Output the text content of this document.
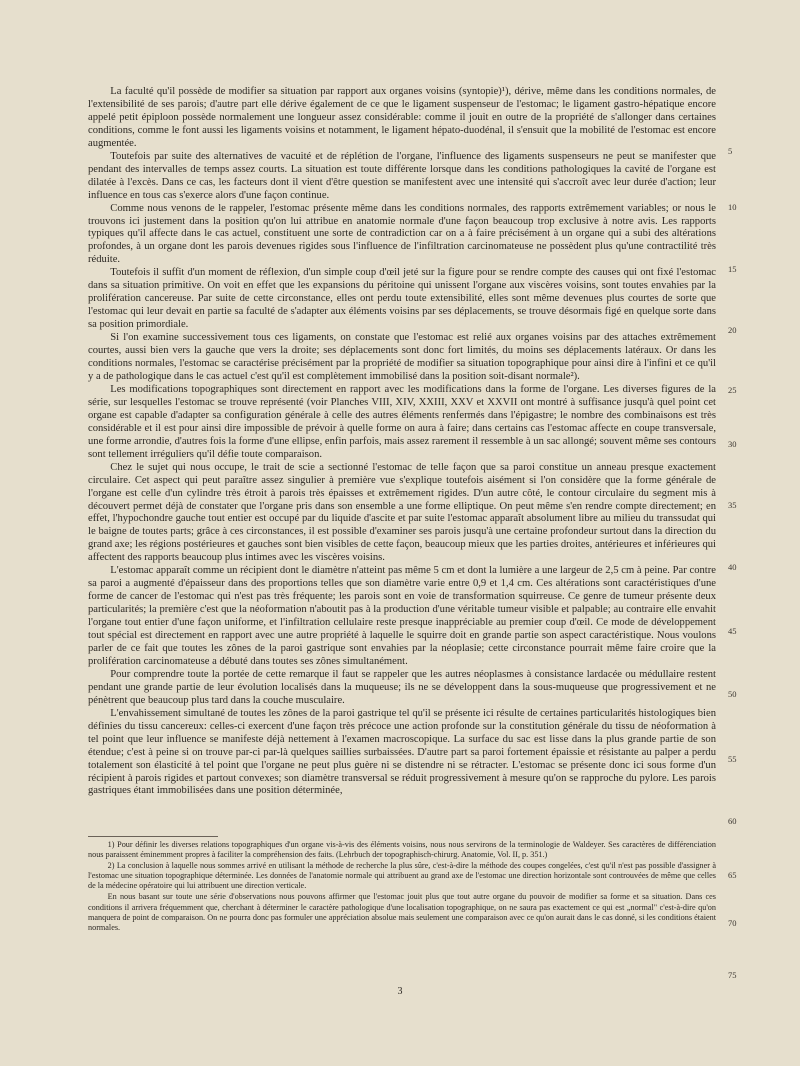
La faculté qu'il possède de modifier sa situation par rapport aux organes voisins (syntopie)¹), dérive, même dans les conditions normales, de l'extensibilité de ses parois; d'autre part elle dérive également de ce que le ligament suspenseur de l'estomac; le ligament gastro-hépatique encore appelé petit épiploon possède normalement une longueur assez considérable: comme il jouit en outre de la propriété de s'allonger dans certaines conditions, comme le font aussi les ligaments voisins et notamment, le ligament hépato-duodénal, il s'ensuit que la mobilité de l'estomac est encore augmentée.

Toutefois par suite des alternatives de vacuité et de réplétion de l'organe, l'influence des ligaments suspenseurs ne peut se manifester que pendant des intervalles de temps assez courts. La situation est toute différente lorsque dans les conditions pathologiques la cavité de l'organe est dilatée à l'excès. Dans ce cas, les facteurs dont il vient d'être question se manifestent avec une intensité qui s'accroît avec leur durée d'action; leur influence en tous cas s'exerce alors d'une façon continue.

Comme nous venons de le rappeler, l'estomac présente même dans les conditions normales, des rapports extrêmement variables; or nous le trouvons ici justement dans la position qu'on lui attribue en anatomie normale d'une façon beaucoup trop exclusive à notre avis. Les rapports typiques qu'il affecte dans le cas actuel, constituent une sorte de contradiction car on a à faire précisément à un organe qui a subi des altérations profondes, à un organe dont les parois devenues rigides sous l'influence de l'infiltration carcinomateuse ne possèdent plus qu'une contractilité très réduite.

Toutefois il suffit d'un moment de réflexion, d'un simple coup d'œil jeté sur la figure pour se rendre compte des causes qui ont fixé l'estomac dans sa situation primitive. On voit en effet que les expansions du péritoine qui unissent l'organe aux viscères voisins, sont toutes envahies par la prolifération cancereuse. Par suite de cette circonstance, elles ont perdu toute extensibilité, elles sont même devenues plus courtes de sorte que l'estomac qui leur devait en partie sa faculté de s'adapter aux éléments voisins par ses déplacements, se trouve désormais figé en quelque sorte dans sa position primordiale.

Si l'on examine successivement tous ces ligaments, on constate que l'estomac est relié aux organes voisins par des attaches extrêmement courtes, aussi bien vers la gauche que vers la droite; ses déplacements sont donc fort limités, du moins ses déplacements latéraux. Or dans les conditions normales, l'estomac se caractérise précisément par la propriété de modifier sa situation topographique pour ainsi dire à l'infini et ce qu'il y a de pathologique dans le cas actuel c'est qu'il est complètement immobilisé dans la position soit-disant normale²).

Les modifications topographiques sont directement en rapport avec les modifications dans la forme de l'organe. Les diverses figures de la série, sur lesquelles l'estomac se trouve représenté (voir Planches VIII, XIV, XXIII, XXV et XXVII ont montré à suffisance jusqu'à quel point cet organe est capable d'adapter sa configuration générale à celle des autres éléments renfermés dans l'épigastre; le nombre des combinaisons est très considérable et il est pour ainsi dire impossible de prévoir à quelle forme on aura à faire; dans certains cas l'estomac affecte en coupe transversale, une forme arrondie, d'autres fois la forme d'une ellipse, enfin parfois, mais assez rarement il ressemble à un sac allongé; souvent même ses contours sont tellement irréguliers qu'il défie toute comparaison.

Chez le sujet qui nous occupe, le trait de scie a sectionné l'estomac de telle façon que sa paroi constitue un anneau presque exactement circulaire. Cet aspect qui peut paraître assez singulier à première vue s'explique toutefois aisément si l'on considère que la forme générale de l'organe est celle d'un cylindre très étroit à parois très épaisses et extrêmement rigides. D'un autre côté, le contour circulaire du segment mis à découvert permet déjà de constater que l'organe pris dans son ensemble a une forme elliptique. On peut même s'en rendre compte directement; en effet, l'hypochondre gauche tout entier est occupé par du liquide d'ascite et par suite l'estomac apparaît absolument libre au milieu du transsudat qui le baigne de toutes parts; grâce à ces circonstances, il est possible d'examiner ses parois jusqu'à une certaine profondeur surtout dans la direction du grand axe; les régions postérieures et gauches sont bien visibles de cette façon, beaucoup mieux que les parties droites, antérieures et inférieures qui affectent des rapports beaucoup plus intimes avec les viscères voisins.

L'estomac apparaît comme un récipient dont le diamètre n'atteint pas même 5 cm et dont la lumière a une largeur de 2,5 cm à peine. Par contre sa paroi a augmenté d'épaisseur dans des proportions telles que son diamètre varie entre 0,9 et 1,4 cm. Ces altérations sont caractéristiques d'une forme de cancer de l'estomac qui n'est pas très fréquente; les parois sont en voie de transformation squirreuse. Ce genre de tumeur présente deux particularités; la première c'est que la néoformation n'aboutit pas à la production d'une véritable tumeur visible et palpable; au contraire elle envahit l'organe tout entier d'une façon uniforme, et l'infiltration cellulaire reste presque inappréciable au premier coup d'œil. Ce mode de développement tout spécial est directement en rapport avec une autre propriété à laquelle le squirre doit en grande partie son aspect caractéristique. Nous voulons parler de ce fait que toutes les zônes de la paroi gastrique sont envahies par la néoplasie; cette circonstance pourrait même faire croire que la prolifération carcinomateuse a débuté dans toutes ses zônes simultanément.

Pour comprendre toute la portée de cette remarque il faut se rappeler que les autres néoplasmes à consistance lardacée ou médullaire restent pendant une grande partie de leur évolution localisés dans la muqueuse; ils ne se développent dans la sous-muqueuse que progressivement et ne pénètrent que beaucoup plus tard dans la couche musculaire.

L'envahissement simultané de toutes les zônes de la paroi gastrique tel qu'il se présente ici résulte de certaines particularités histologiques bien définies du tissu cancereux: celles-ci exercent d'une façon très précoce une action profonde sur la constitution générale du tissu de néoformation à tel point que leur influence se manifeste déjà nettement à l'examen macroscopique. La surface du sac est lisse dans la plus grande partie de son étendue; c'est à peine si on trouve par-ci par-là quelques saillies surbaissées. D'autre part sa paroi fortement épaissie et résistante au palper a perdu totalement son élasticité à tel point que l'organe ne peut plus guère ni se distendre ni se rétracter. L'estomac se présente donc ici sous forme d'un récipient à parois rigides et partout convexes; son diamètre transversal se réduit progressivement à mesure qu'on se rapproche du pylore. Les parois gastriques étant immobilisées dans une position déterminée,

1) Pour définir les diverses relations topographiques d'un organe vis-à-vis des éléments voisins, nous nous servirons de la terminologie de Waldeyer. Ses caractères de différenciation nous paraissent éminemment propres à faciliter la compréhension des faits. (Lehrbuch der topographisch-chirurg. Anatomie, Vol. II, p. 351.)

2) La conclusion à laquelle nous sommes arrivé en utilisant la méthode de recherche la plus sûre, c'est-à-dire la méthode des coupes congelées, c'est qu'il n'est pas possible d'assigner à l'estomac une situation topographique déterminée. Les données de l'anatomie normale qui attribuent au grand axe de l'estomac une direction horizontale sont controuvées de même que celles de la médecine opératoire qui lui attribuent une direction verticale.

En nous basant sur toute une série d'observations nous pouvons affirmer que l'estomac jouit plus que tout autre organe du pouvoir de modifier sa forme et sa situation. Dans ces conditions il arrivera fréquemment que, cherchant à déterminer le caractère pathologique d'une localisation topographique, on ne saura pas exactement ce qui est „normal" c'est-à-dire qu'on manquera de point de comparaison. On ne pourra donc pas formuler une appréciation absolue mais seulement une comparaison avec ce qu'on aurait dans le cas donné, si les conditions étaient normales.

5
10
15
20
25
30
35
40
45
50
55
60
65
70
75
3
